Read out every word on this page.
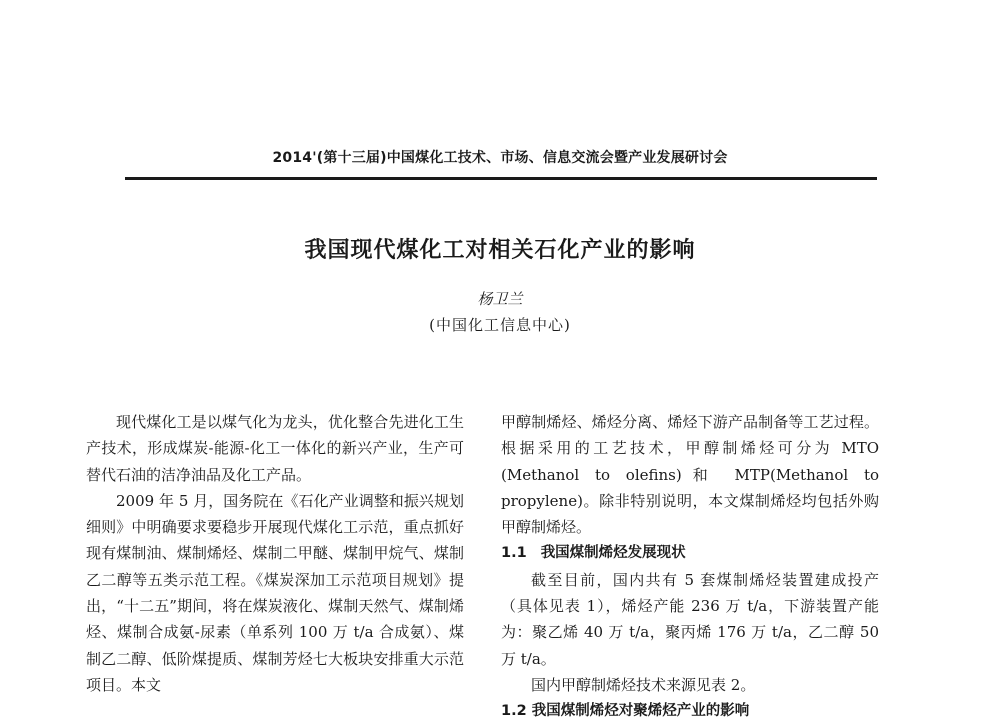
2014'(第十三届)中国煤化工技术、市场、信息交流会暨产业发展研讨会
我国现代煤化工对相关石化产业的影响
杨卫兰
(中国化工信息中心)

现代煤化工是以煤气化为龙头，优化整合先进化工生产技术，形成煤炭-能源-化工一体化的新兴产业，生产可替代石油的洁净油品及化工产品。

2009 年 5 月，国务院在《石化产业调整和振兴规划细则》中明确要求要稳步开展现代煤化工示范，重点抓好现有煤制油、煤制烯烃、煤制二甲醚、煤制甲烷气、煤制乙二醇等五类示范工程。《煤炭深加工示范项目规划》提出，“十二五”期间，将在煤炭液化、煤制天然气、煤制烯烃、煤制合成氨-尿素（单系列 100 万 t/a 合成氨）、煤制乙二醇、低阶煤提质、煤制芳烃七大板块安排重大示范项目。本文

甲醇制烯烃、烯烃分离、烯烃下游产品制备等工艺过程。根据采用的工艺技术，甲醇制烯烃可分为 MTO (Methanol to olefins)和 MTP(Methanol to propylene)。除非特别说明，本文煤制烯烃均包括外购甲醇制烯烃。

1.1 我国煤制烯烃发展现状

截至目前，国内共有 5 套煤制烯烃装置建成投产（具体见表 1），烯烃产能 236 万 t/a，下游装置产能为：聚乙烯 40 万 t/a，聚丙烯 176 万 t/a，乙二醇 50 万 t/a。

国内甲醇制烯烃技术来源见表 2。

1.2 我国煤制烯烃对聚烯烃产业的影响
